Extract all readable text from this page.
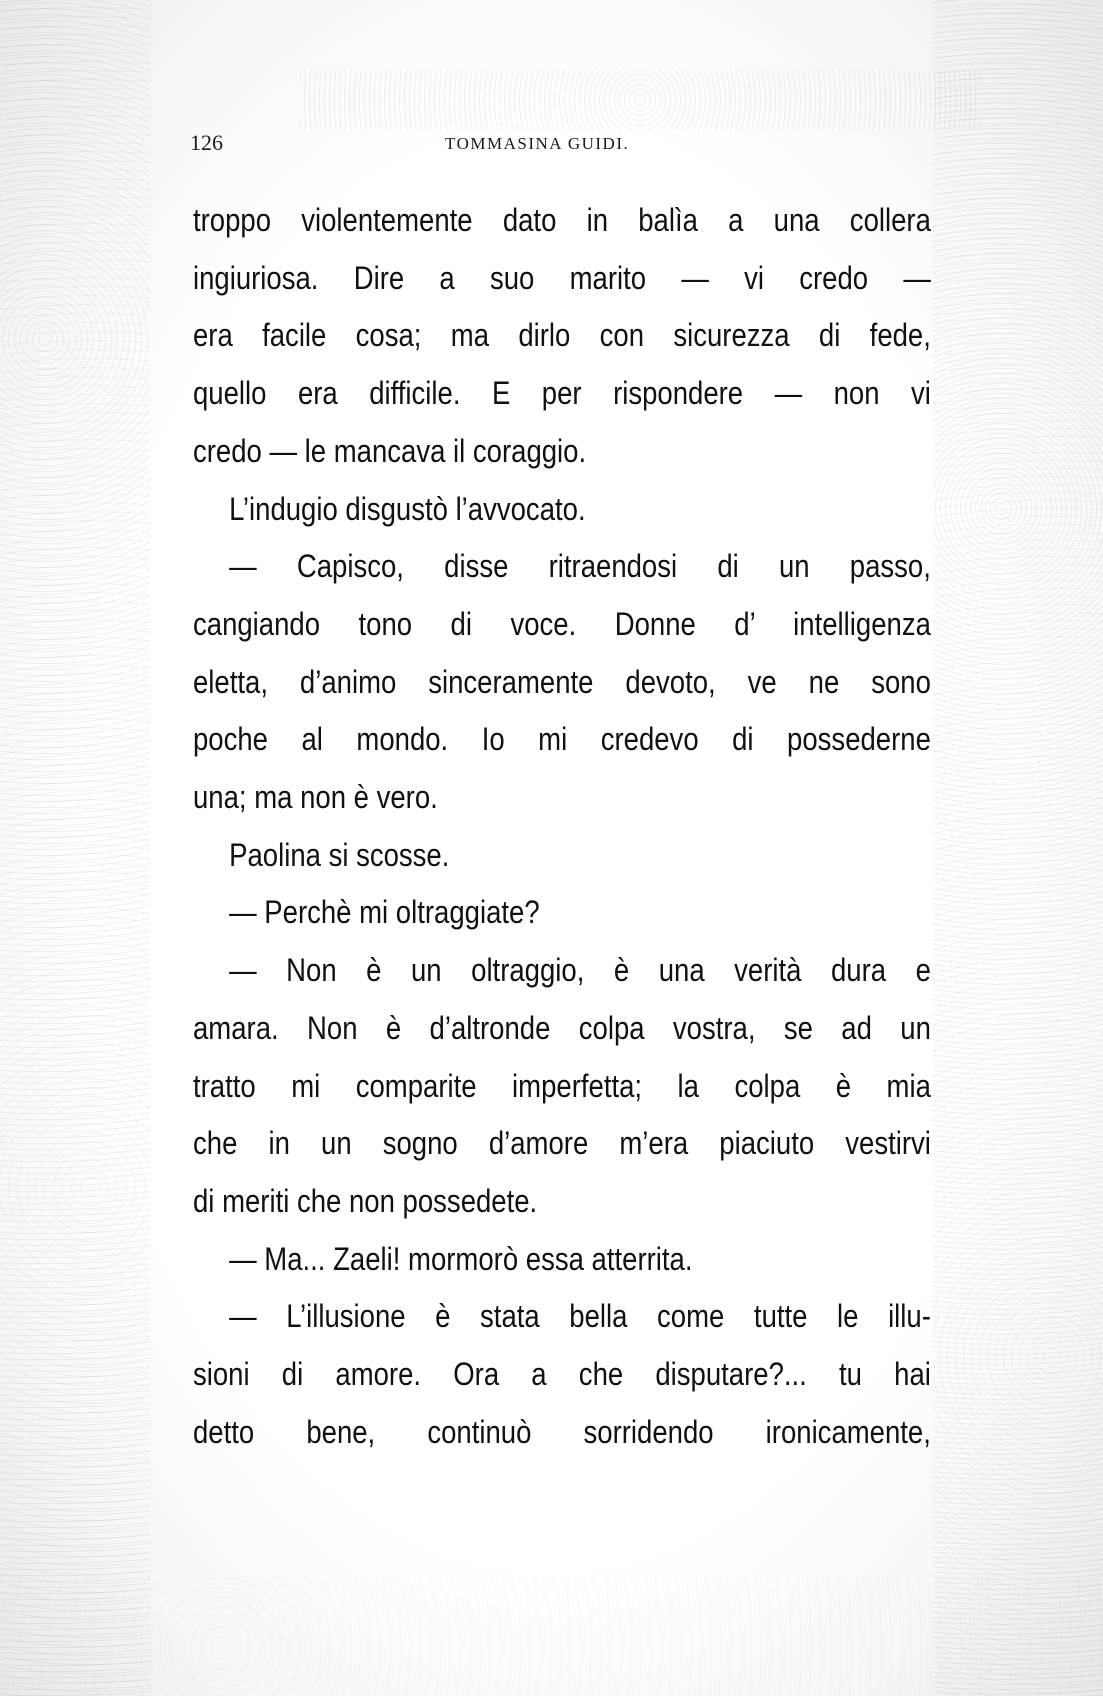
126	TOMMASINA GUIDI.
troppo violentemente dato in balìa a una collera
ingiuriosa. Dire a suo marito — vi credo —
era facile cosa; ma dirlo con sicurezza di fede,
quello era difficile. E per rispondere — non vi
credo — le mancava il coraggio.
L’indugio disgustò l’avvocato.
— Capisco, disse ritraendosi di un passo,
cangiando tono di voce. Donne d’ intelligenza
eletta, d’animo sinceramente devoto, ve ne sono
poche al mondo. Io mi credevo di possederne
una; ma non è vero.
Paolina si scosse.
— Perchè mi oltraggiate?
— Non è un oltraggio, è una verità dura e
amara. Non è d’altronde colpa vostra, se ad un
tratto mi comparite imperfetta; la colpa è mia
che in un sogno d’amore m’era piaciuto vestirvi
di meriti che non possedete.
— Ma... Zaeli! mormorò essa atterrita.
— L’illusione è stata bella come tutte le illu-
sioni di amore. Ora a che disputare?... tu hai
detto bene, continuò sorridendo ironicamente,
